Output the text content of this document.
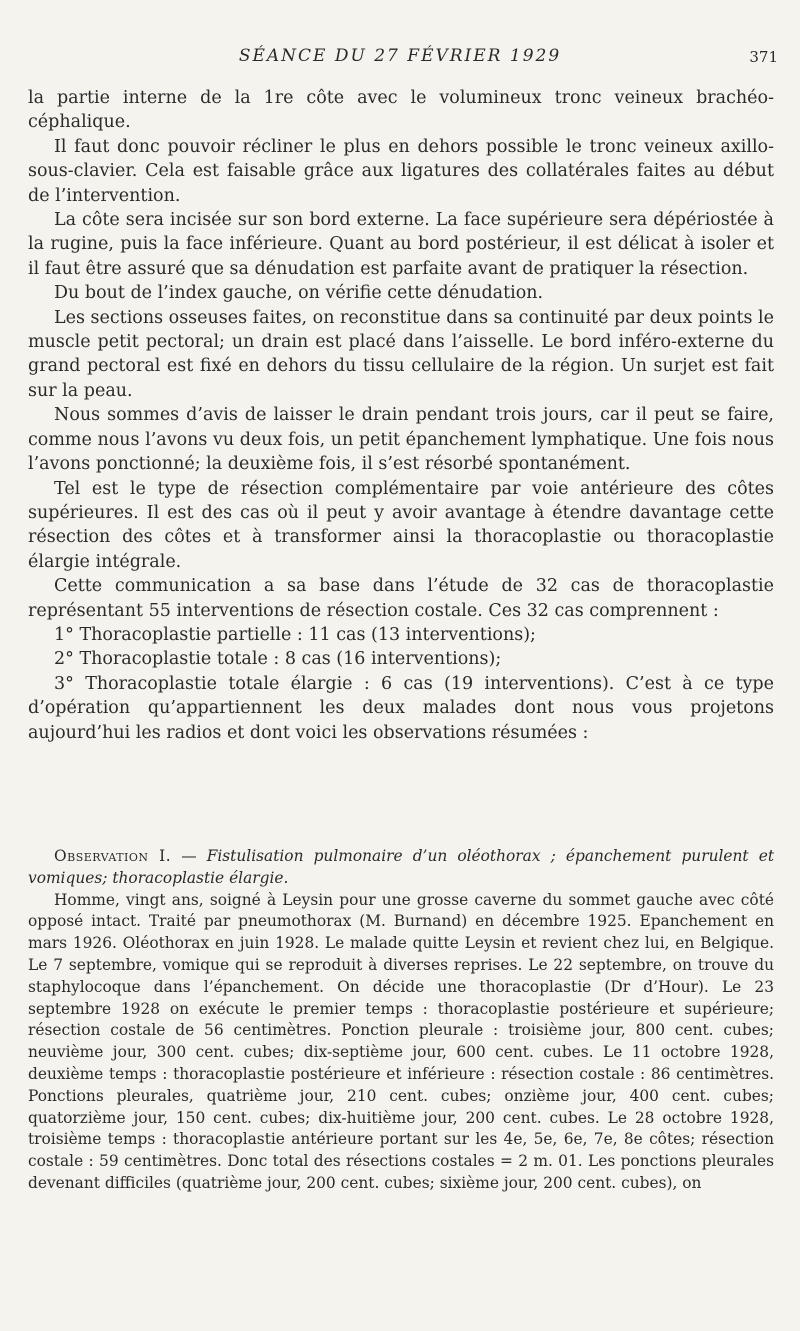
SÉANCE DU 27 FÉVRIER 1929	371

la partie interne de la 1re côte avec le volumineux tronc veineux brachéo-céphalique.

Il faut donc pouvoir récliner le plus en dehors possible le tronc veineux axillo-sous-clavier. Cela est faisable grâce aux ligatures des collatérales faites au début de l’intervention.

La côte sera incisée sur son bord externe. La face supérieure sera dépériostée à la rugine, puis la face inférieure. Quant au bord postérieur, il est délicat à isoler et il faut être assuré que sa dénudation est parfaite avant de pratiquer la résection.

Du bout de l’index gauche, on vérifie cette dénudation.

Les sections osseuses faites, on reconstitue dans sa continuité par deux points le muscle petit pectoral; un drain est placé dans l’aisselle. Le bord inféro-externe du grand pectoral est fixé en dehors du tissu cellulaire de la région. Un surjet est fait sur la peau.

Nous sommes d’avis de laisser le drain pendant trois jours, car il peut se faire, comme nous l’avons vu deux fois, un petit épanchement lymphatique. Une fois nous l’avons ponctionné; la deuxième fois, il s’est résorbé spontanément.

Tel est le type de résection complémentaire par voie antérieure des côtes supérieures. Il est des cas où il peut y avoir avantage à étendre davantage cette résection des côtes et à transformer ainsi la thoracoplastie ou thoracoplastie élargie intégrale.

Cette communication a sa base dans l’étude de 32 cas de thoracoplastie représentant 55 interventions de résection costale. Ces 32 cas comprennent :

1° Thoracoplastie partielle : 11 cas (13 interventions);

2° Thoracoplastie totale : 8 cas (16 interventions);

3° Thoracoplastie totale élargie : 6 cas (19 interventions). C’est à ce type d’opération qu’appartiennent les deux malades dont nous vous projetons aujourd’hui les radios et dont voici les observations résumées :

Observation I. — Fistulisation pulmonaire d’un oléothorax ; épanchement purulent et vomiques; thoracoplastie élargie.

Homme, vingt ans, soigné à Leysin pour une grosse caverne du sommet gauche avec côté opposé intact. Traité par pneumothorax (M. Burnand) en décembre 1925. Epanchement en mars 1926. Oléothorax en juin 1928. Le malade quitte Leysin et revient chez lui, en Belgique. Le 7 septembre, vomique qui se reproduit à diverses reprises. Le 22 septembre, on trouve du staphylocoque dans l’épanchement. On décide une thoracoplastie (Dr d’Hour). Le 23 septembre 1928 on exécute le premier temps : thoracoplastie postérieure et supérieure; résection costale de 56 centimètres. Ponction pleurale : troisième jour, 800 cent. cubes; neuvième jour, 300 cent. cubes; dix-septième jour, 600 cent. cubes. Le 11 octobre 1928, deuxième temps : thoracoplastie postérieure et inférieure : résection costale : 86 centimètres. Ponctions pleurales, quatrième jour, 210 cent. cubes; onzième jour, 400 cent. cubes; quatorzième jour, 150 cent. cubes; dix-huitième jour, 200 cent. cubes. Le 28 octobre 1928, troisième temps : thoracoplastie antérieure portant sur les 4e, 5e, 6e, 7e, 8e côtes; résection costale : 59 centimètres. Donc total des résections costales = 2 m. 01. Les ponctions pleurales devenant difficiles (quatrième jour, 200 cent. cubes; sixième jour, 200 cent. cubes), on
